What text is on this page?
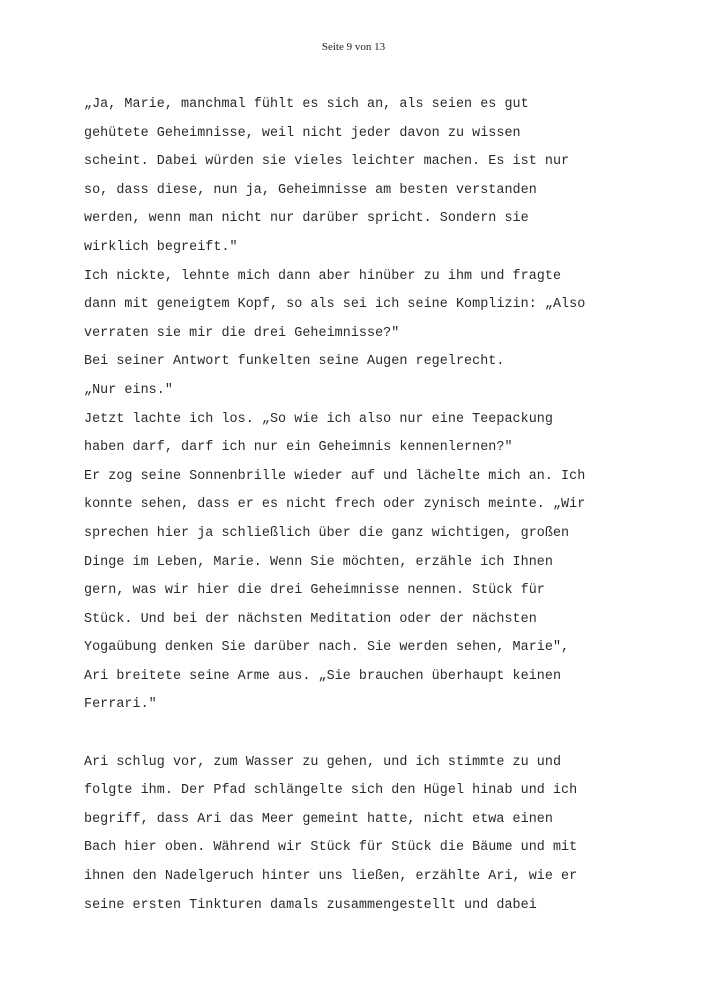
Seite 9 von 13
„Ja, Marie, manchmal fühlt es sich an, als seien es gut
gehütete Geheimnisse, weil nicht jeder davon zu wissen
scheint. Dabei würden sie vieles leichter machen. Es ist nur
so, dass diese, nun ja, Geheimnisse am besten verstanden
werden, wenn man nicht nur darüber spricht. Sondern sie
wirklich begreift."
Ich nickte, lehnte mich dann aber hinüber zu ihm und fragte
dann mit geneigtem Kopf, so als sei ich seine Komplizin: „Also
verraten sie mir die drei Geheimnisse?"
Bei seiner Antwort funkelten seine Augen regelrecht.
„Nur eins."
Jetzt lachte ich los. „So wie ich also nur eine Teepackung
haben darf, darf ich nur ein Geheimnis kennenlernen?"
Er zog seine Sonnenbrille wieder auf und lächelte mich an. Ich
konnte sehen, dass er es nicht frech oder zynisch meinte. „Wir
sprechen hier ja schließlich über die ganz wichtigen, großen
Dinge im Leben, Marie. Wenn Sie möchten, erzähle ich Ihnen
gern, was wir hier die drei Geheimnisse nennen. Stück für
Stück. Und bei der nächsten Meditation oder der nächsten
Yogaübung denken Sie darüber nach. Sie werden sehen, Marie",
Ari breitete seine Arme aus. „Sie brauchen überhaupt keinen
Ferrari."
Ari schlug vor, zum Wasser zu gehen, und ich stimmte zu und
folgte ihm. Der Pfad schlängelte sich den Hügel hinab und ich
begriff, dass Ari das Meer gemeint hatte, nicht etwa einen
Bach hier oben. Während wir Stück für Stück die Bäume und mit
ihnen den Nadelgeruch hinter uns ließen, erzählte Ari, wie er
seine ersten Tinkturen damals zusammengestellt und dabei
